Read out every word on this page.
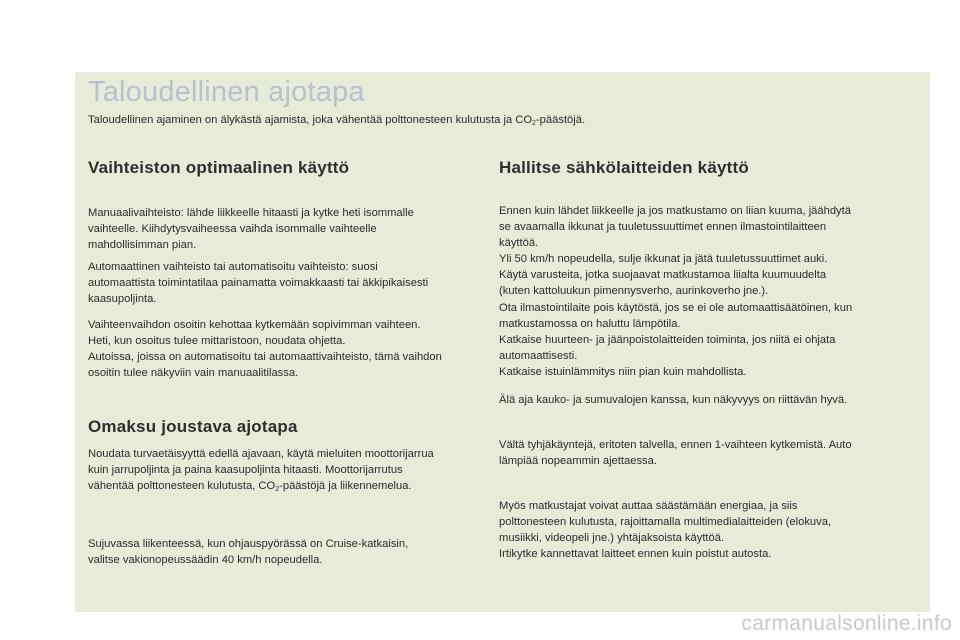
Taloudellinen ajotapa

Taloudellinen ajaminen on älykästä ajamista, joka vähentää polttonesteen kulutusta ja $CO_2$-päästöjä.

Vaihteiston optimaalinen käyttö
Manuaalivaihteisto: lähde liikkeelle hitaasti ja kytke heti isommalle
vaihteelle. Kiihdytysvaiheessa vaihda isommalle vaihteelle
mahdollisimman pian.
Automaattinen vaihteisto tai automatisoitu vaihteisto: suosi
automaattista toimintatilaa painamatta voimakkaasti tai äkkipikaisesti
kaasupoljinta.
Vaihteenvaihdon osoitin kehottaa kytkemään sopivimman vaihteen.
Heti, kun osoitus tulee mittaristoon, noudata ohjetta.
Autoissa, joissa on automatisoitu tai automaattivaihteisto, tämä vaihdon
osoitin tulee näkyviin vain manuaalitilassa.
Omaksu joustava ajotapa
Noudata turvaetäisyyttä edellä ajavaan, käytä mieluiten moottorijarrua
kuin jarrupoljinta ja paina kaasupoljinta hitaasti. Moottorijarrutus
vähentää polttonesteen kulutusta, $CO_2$-päästöjä ja liikennemelua.
Sujuvassa liikenteessä, kun ohjauspyörässä on Cruise-katkaisin,
valitse vakionopeussäädin 40 km/h nopeudella.
Hallitse sähkölaitteiden käyttö
Ennen kuin lähdet liikkeelle ja jos matkustamo on liian kuuma, jäähdytä
se avaamalla ikkunat ja tuuletussuuttimet ennen ilmastointilaitteen
käyttöä.
Yli 50 km/h nopeudella, sulje ikkunat ja jätä tuuletussuuttimet auki.
Käytä varusteita, jotka suojaavat matkustamoa liialta kuumuudelta
(kuten kattoluukun pimennysverho, aurinkoverho jne.).
Ota ilmastointilaite pois käytöstä, jos se ei ole automaattisäätöinen, kun
matkustamossa on haluttu lämpötila.
Katkaise huurteen- ja jäänpoistolaitteiden toiminta, jos niitä ei ohjata
automaattisesti.
Katkaise istuinlämmitys niin pian kuin mahdollista.
Älä aja kauko- ja sumuvalojen kanssa, kun näkyvyys on riittävän hyvä.
Vältä tyhjäkäyntejä, eritoten talvella, ennen 1-vaihteen kytkemistä. Auto
lämpiää nopeammin ajettaessa.
Myös matkustajat voivat auttaa säästämään energiaa, ja siis
polttonesteen kulutusta, rajoittamalla multimedialaitteiden (elokuva,
musiikki, videopeli jne.) yhtäjaksoista käyttöä.
Irtikytke kannettavat laitteet ennen kuin poistut autosta.
carmanualsonline.info
